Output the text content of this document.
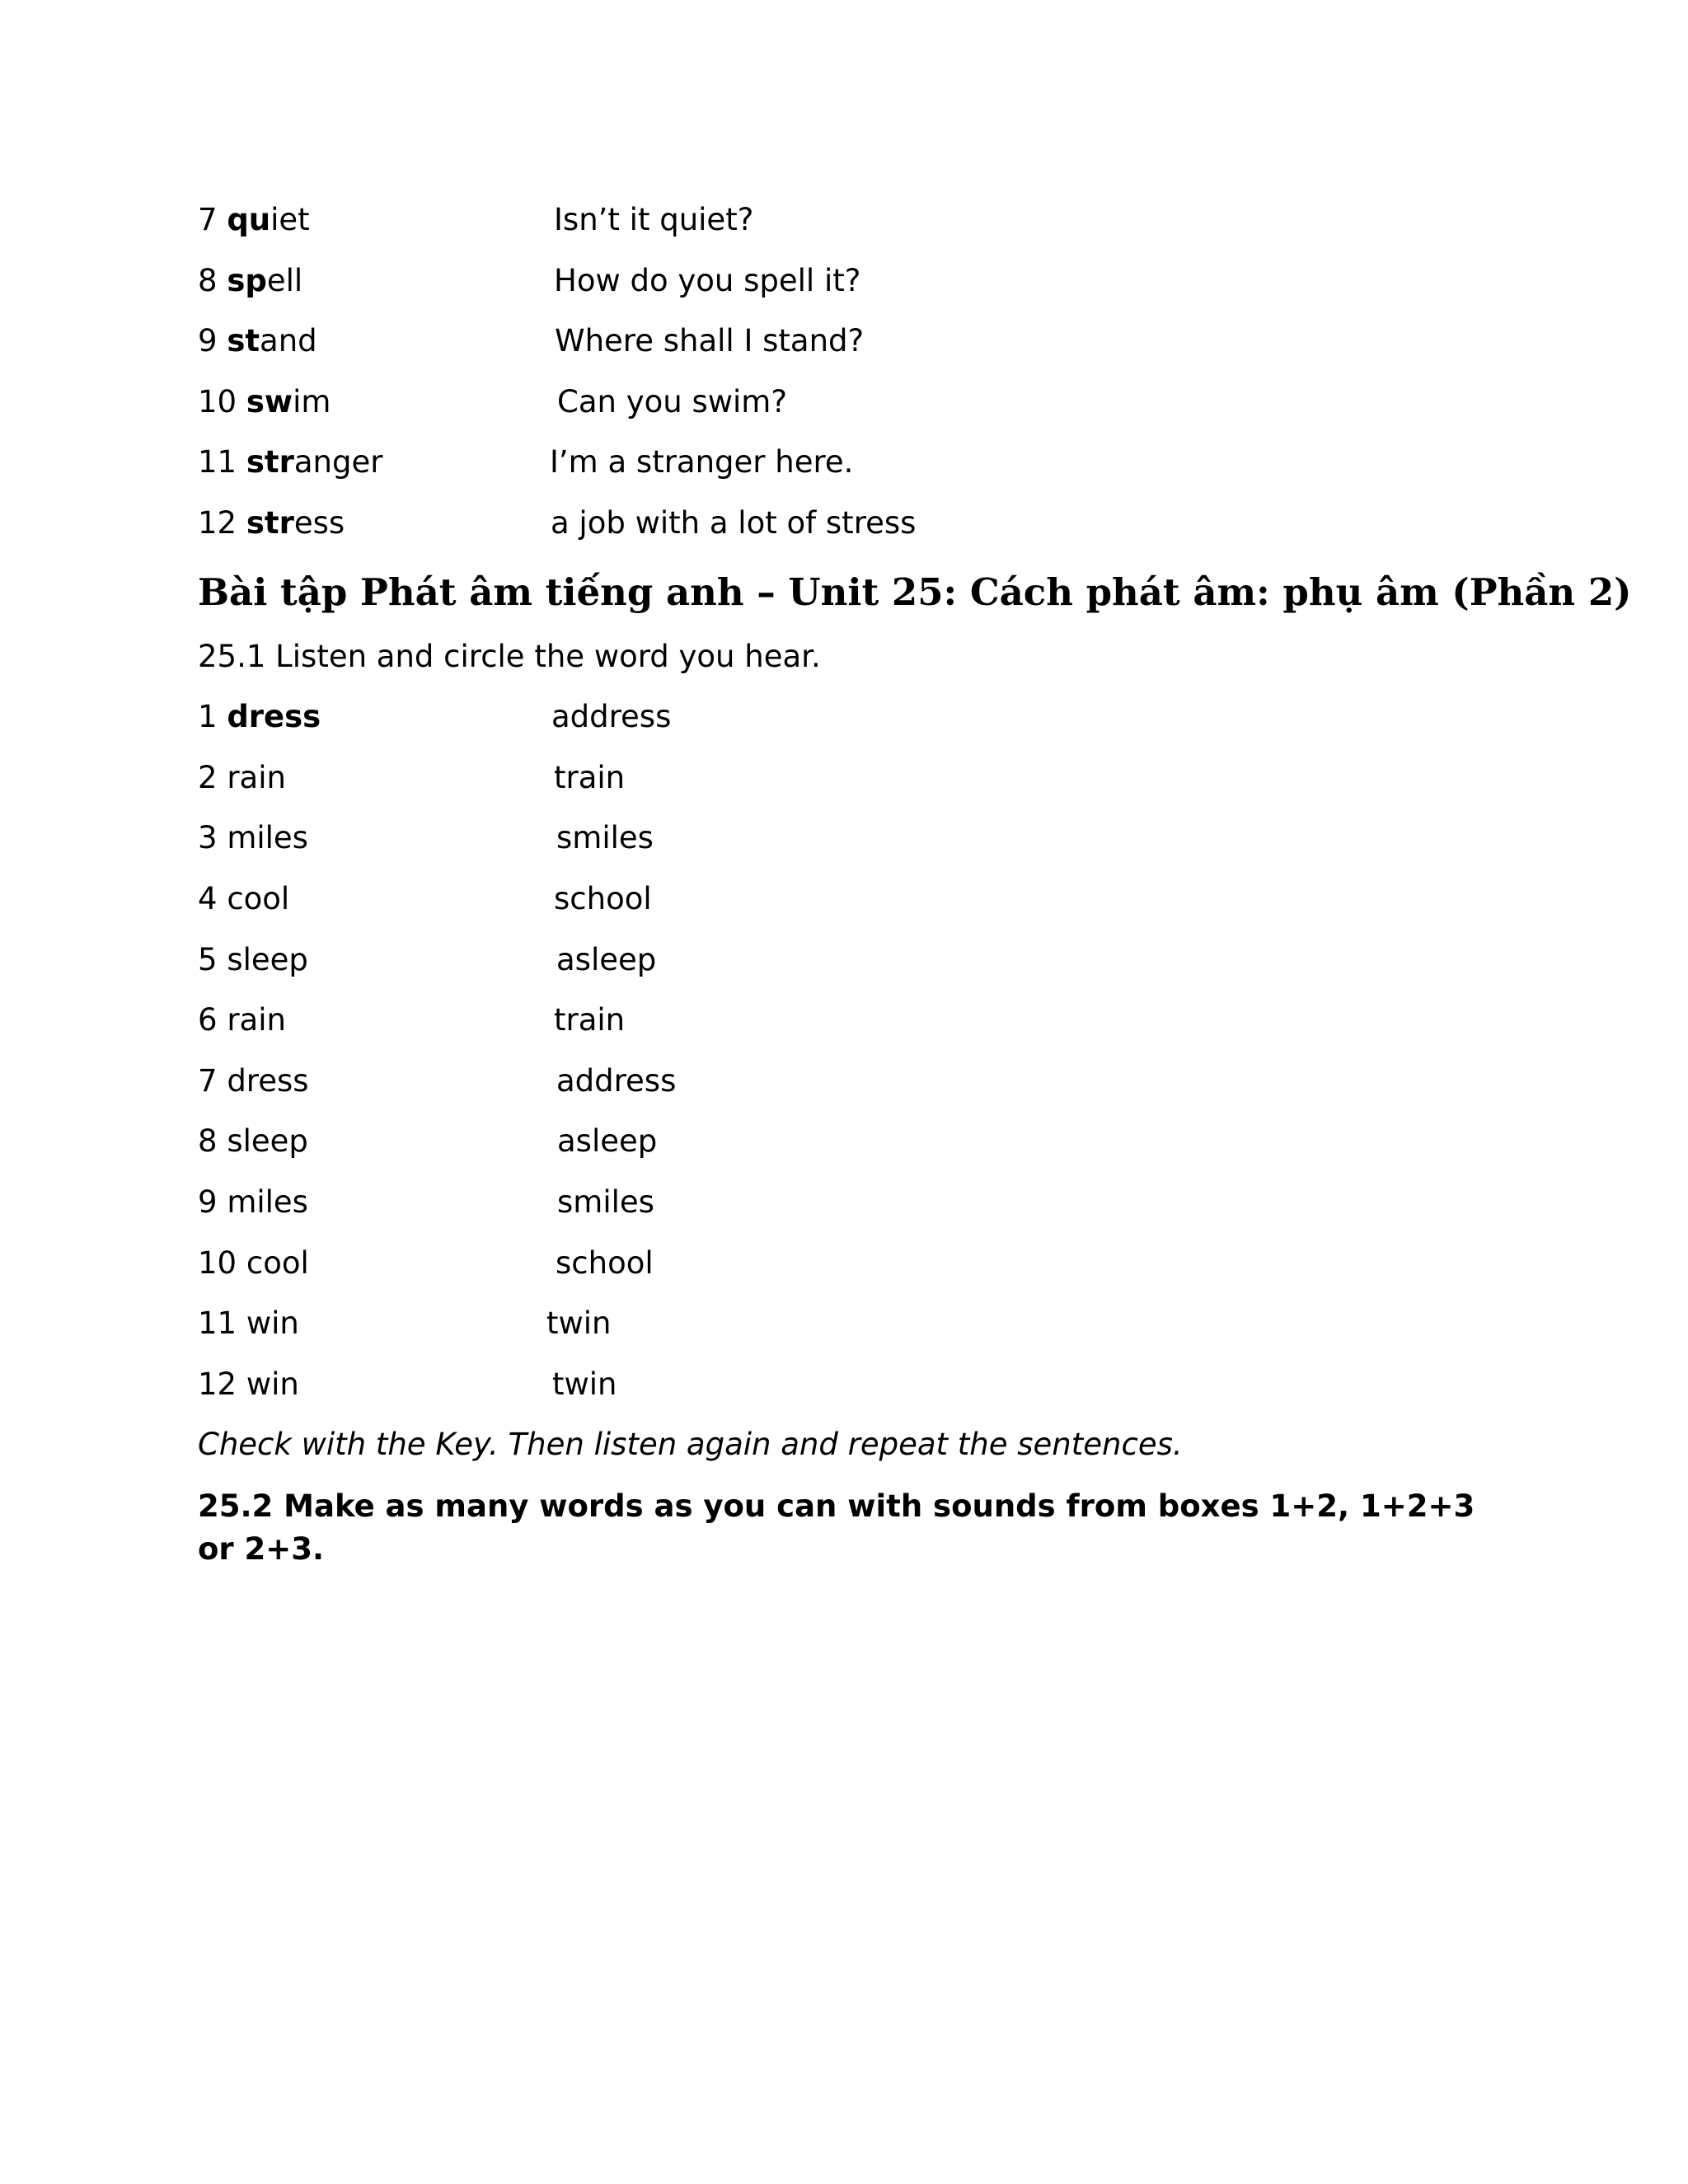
7 quiet	Isn’t it quiet?
8 spell	How do you spell it?
9 stand	Where shall I stand?
10 swim	Can you swim?
11 stranger	I’m a stranger here.
12 stress	a job with a lot of stress
Bài tập Phát âm tiếng anh – Unit 25: Cách phát âm: phụ âm (Phần 2)
25.1 Listen and circle the word you hear.
1 dress	address
2 rain	train
3 miles	smiles
4 cool	school
5 sleep	asleep
6 rain	train
7 dress	address
8 sleep	asleep
9 miles	smiles
10 cool	school
11 win	twin
12 win	twin
Check with the Key. Then listen again and repeat the sentences.
25.2 Make as many words as you can with sounds from boxes 1+2, 1+2+3 or 2+3.
